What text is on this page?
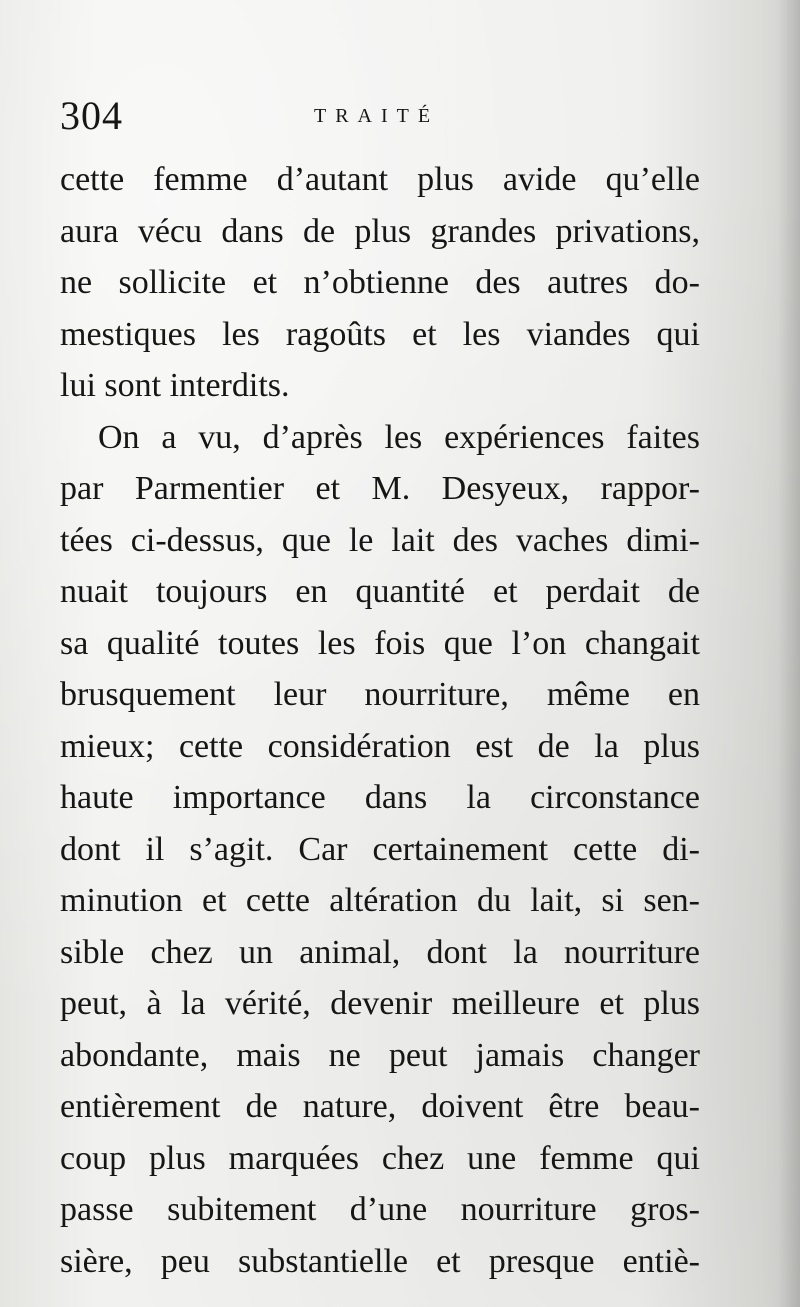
304	TRAITÉ
cette femme d’autant plus avide qu’elle
aura vécu dans de plus grandes privations,
ne sollicite et n’obtienne des autres do-
mestiques les ragoûts et les viandes qui
lui sont interdits.
On a vu, d’après les expériences faites
par Parmentier et M. Desyeux, rappor-
tées ci-dessus, que le lait des vaches dimi-
nuait toujours en quantité et perdait de
sa qualité toutes les fois que l’on changait
brusquement leur nourriture, même en
mieux; cette considération est de la plus
haute importance dans la circonstance
dont il s’agit. Car certainement cette di-
minution et cette altération du lait, si sen-
sible chez un animal, dont la nourriture
peut, à la vérité, devenir meilleure et plus
abondante, mais ne peut jamais changer
entièrement de nature, doivent être beau-
coup plus marquées chez une femme qui
passe subitement d’une nourriture gros-
sière, peu substantielle et presque entiè-
